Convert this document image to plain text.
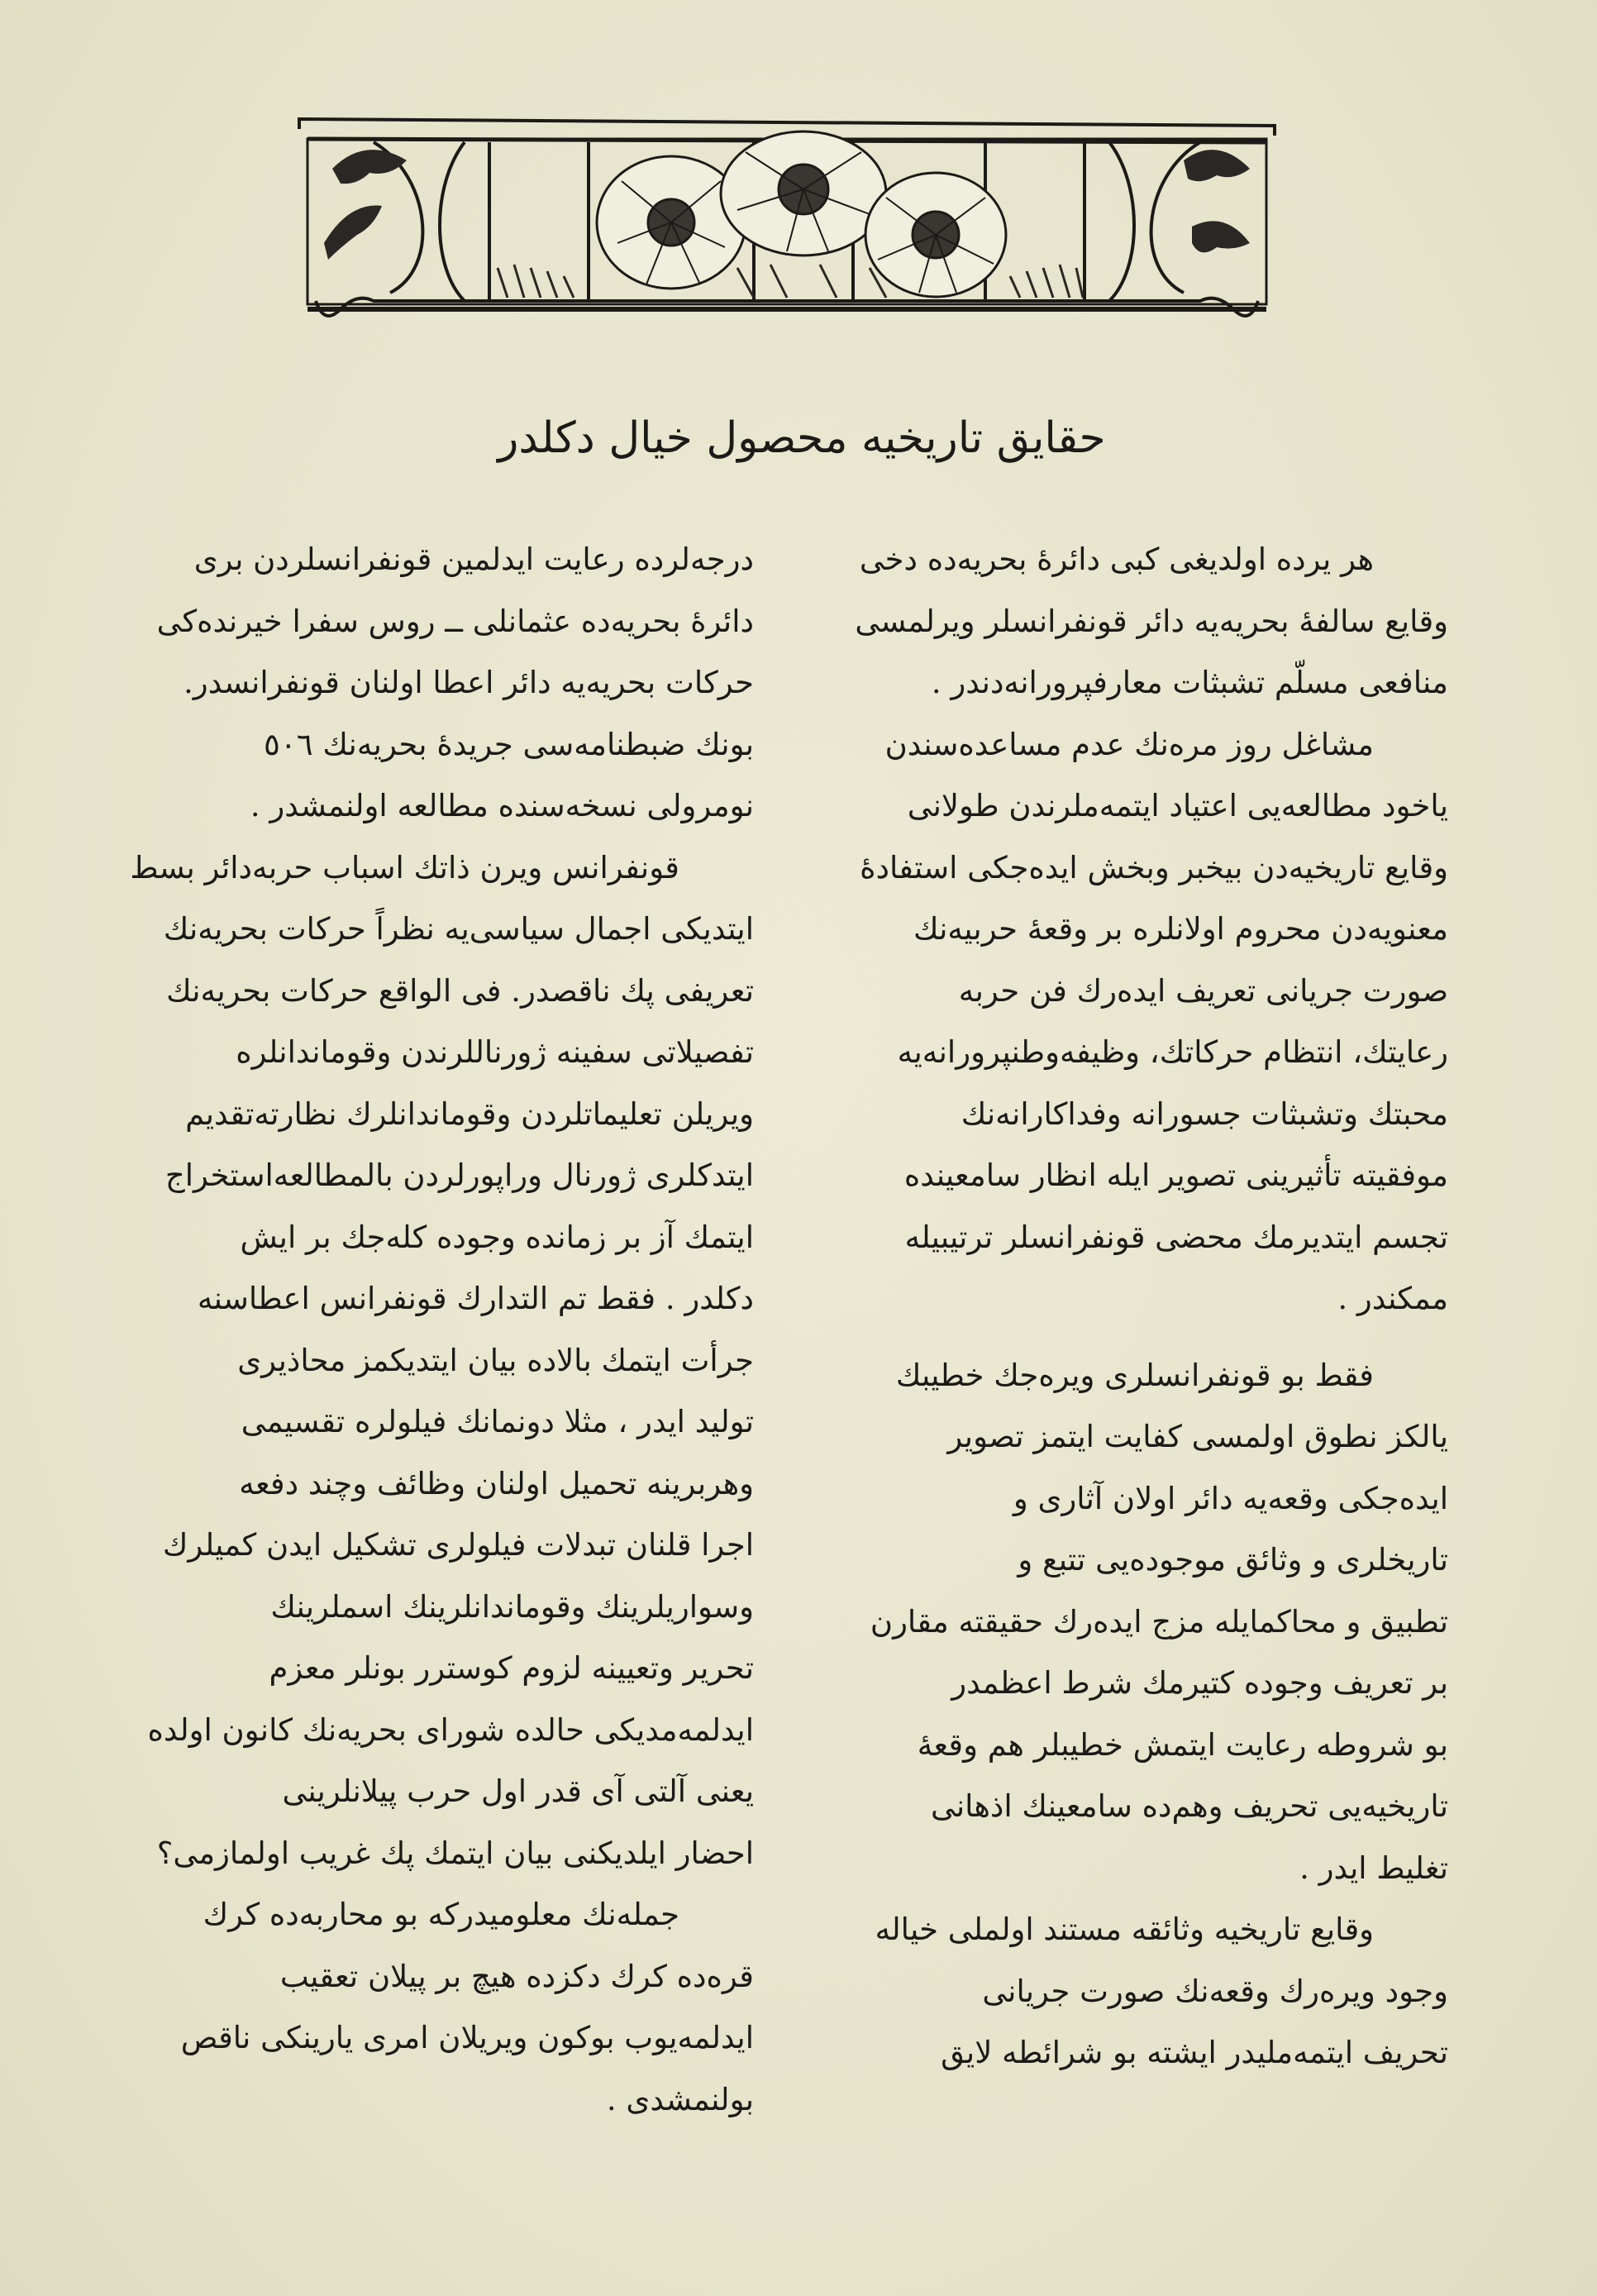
حقايق تاريخيه محصول خيال دكلدر
هر يرده اولديغى كبى دائرهٔ بحريه‌ده دخى
وقايع سالفهٔ بحريه‌يه دائر قونفرانسلر ويرلمسى
منافعى مسلّم تشبثات معارفپرورانه‌دندر .
مشاغل روز مره‌نك عدم مساعده‌سندن
ياخود مطالعه‌يى اعتياد ايتمه‌ملرندن طولانى
وقايع تاريخيه‌دن بيخبر وبخش ايده‌جكى استفادهٔ
معنويه‌دن محروم اولانلره بر وقعهٔ حربيه‌نك
صورت جريانى تعريف ايده‌رك فن حربه
رعايتك، انتظام حركاتك، وظيفه‌وطنپرورانه‌يه
محبتك وتشبثات جسورانه وفداكارانه‌نك
موفقيته تأثيرينى تصوير ايله انظار سامعينده
تجسم ايتديرمك محضى قونفرانسلر ترتيبيله
ممكندر .
فقط بو قونفرانسلرى ويره‌جك خطيبك
يالكز نطوق اولمسى كفايت ايتمز تصوير
ايده‌جكى وقعه‌يه دائر اولان آثارى و
تاريخلرى و وثائق موجوده‌يى تتبع و
تطبيق و محاكمايله مزج ايده‌رك حقيقته مقارن
بر تعريف وجوده كتيرمك شرط اعظمدر
بو شروطه رعايت ايتمش خطيبلر هم وقعهٔ
تاريخيه‌يى تحريف وهم‌ده سامعينك اذهانى
تغليط ايدر .
وقايع تاريخيه وثائقه مستند اولملى خياله
وجود ويره‌رك وقعه‌نك صورت جريانى
تحريف ايتمه‌مليدر ايشته بو شرائطه لايق
درجه‌لرده رعايت ايدلمين قونفرانسلردن برى
دائرهٔ بحريه‌ده عثمانلى ــ روس سفرا خيرنده‌كى
حركات بحريه‌يه دائر اعطا اولنان قونفرانسدر.
بونك ضبطنامه‌سى جريدهٔ بحريه‌نك ٥٠٦
نومرولى نسخه‌سنده مطالعه اولنمشدر .
قونفرانس ويرن ذاتك اسباب حربه‌دائر بسط
ايتديكى اجمال سياسى‌يه نظراً حركات بحريه‌نك
تعريفى پك ناقصدر. فى الواقع حركات بحريه‌نك
تفصيلاتى سفينه ژورناللرندن وقوماندانلره
ويريلن تعليماتلردن وقوماندانلرك نظارته‌تقديم
ايتدكلرى ژورنال وراپورلردن بالمطالعه‌استخراج
ايتمك آز بر زمانده وجوده كله‌جك بر ايش
دكلدر . فقط تم التدارك قونفرانس اعطاسنه
جرأت ايتمك بالاده بيان ايتديكمز محاذيرى
توليد ايدر ، مثلا دونمانك فيلولره تقسيمى
وهربرينه تحميل اولنان وظائف وچند دفعه
اجرا قلنان تبدلات فيلولرى تشكيل ايدن كميلرك
وسواريلرينك وقوماندانلرينك اسملرينك
تحرير وتعيينه لزوم كوسترر بونلر معزم
ايدلمه‌مديكى حالده شوراى بحريه‌نك كانون اولده
يعنى آلتى آى قدر اول حرب پيلانلرينى
احضار ايلديكنى بيان ايتمك پك غريب اولمازمى؟
جمله‌نك معلوميدركه بو محاربه‌ده كرك
قره‌ده كرك دكزده هيچ بر پيلان تعقيب
ايدلمه‌يوب بوكون ويريلان امرى يارينكى ناقص
بولنمشدى .
